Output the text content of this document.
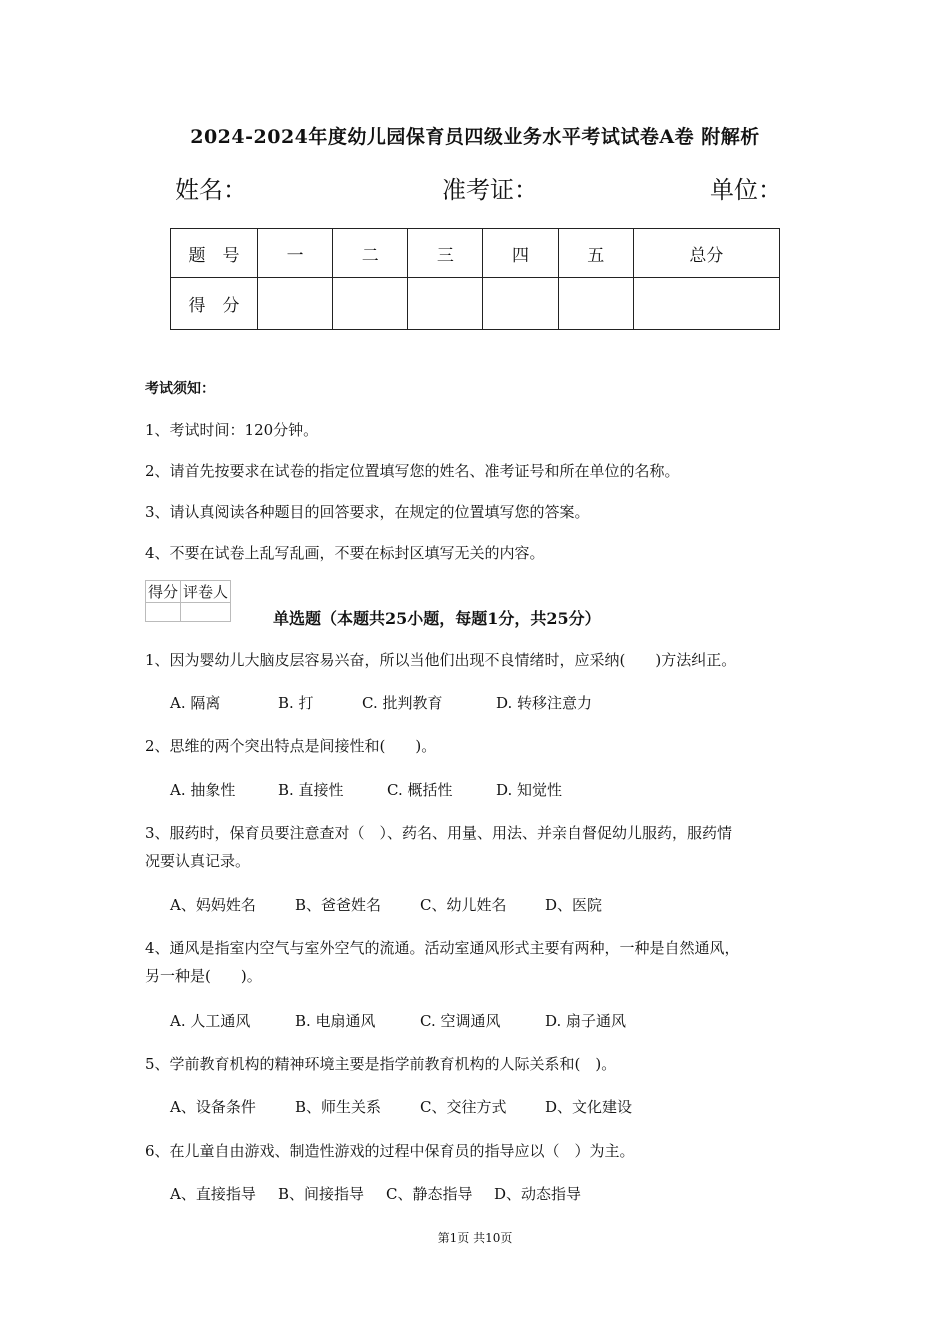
2024-2024年度幼儿园保育员四级业务水平考试试卷A卷 附解析
姓名：	准考证：	单位：
题　号	一	二	三	四	五	总分
得　分						
考试须知：
1、考试时间：120分钟。
2、请首先按要求在试卷的指定位置填写您的姓名、准考证号和所在单位的名称。
3、请认真阅读各种题目的回答要求，在规定的位置填写您的答案。
4、不要在试卷上乱写乱画，不要在标封区填写无关的内容。
得分	评卷人

单选题（本题共25小题，每题1分，共25分）
1、因为婴幼儿大脑皮层容易兴奋，所以当他们出现不良情绪时，应采纳(　　)方法纠正。
A. 隔离	B. 打	C. 批判教育	D. 转移注意力
2、思维的两个突出特点是间接性和(　　)。
A. 抽象性	B. 直接性	C. 概括性	D. 知觉性
3、服药时，保育员要注意查对（　）、药名、用量、用法、并亲自督促幼儿服药，服药情
况要认真记录。
A、妈妈姓名	B、爸爸姓名	C、幼儿姓名	D、医院
4、通风是指室内空气与室外空气的流通。活动室通风形式主要有两种，一种是自然通风，
另一种是(　　)。
A. 人工通风	B. 电扇通风	C. 空调通风	D. 扇子通风
5、学前教育机构的精神环境主要是指学前教育机构的人际关系和(　)。
A、设备条件	B、师生关系	C、交往方式	D、文化建设
6、在儿童自由游戏、制造性游戏的过程中保育员的指导应以（　）为主。
A、直接指导 B、间接指导 C、静态指导 D、动态指导
第1页 共10页
